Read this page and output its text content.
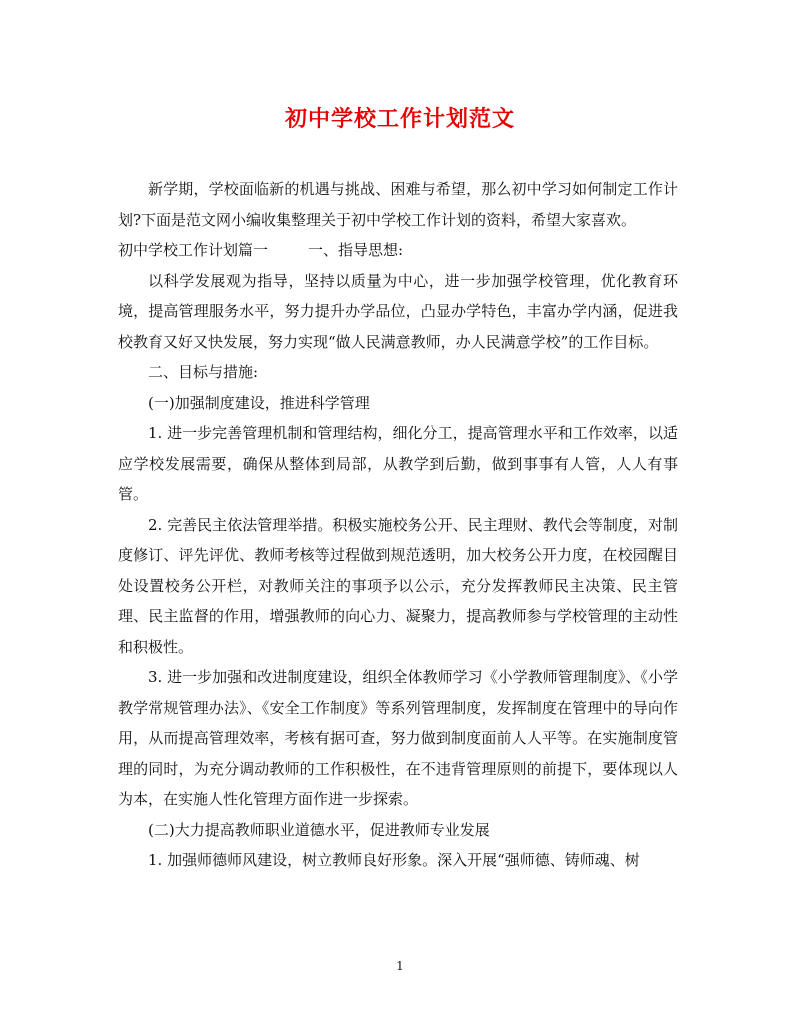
初中学校工作计划范文

新学期，学校面临新的机遇与挑战、困难与希望，那么初中学习如何制定工作计划?下面是范文网小编收集整理关于初中学校工作计划的资料，希望大家喜欢。

初中学校工作计划篇一	一、指导思想:

以科学发展观为指导，坚持以质量为中心，进一步加强学校管理，优化教育环境，提高管理服务水平，努力提升办学品位，凸显办学特色，丰富办学内涵，促进我校教育又好又快发展，努力实现“做人民满意教师，办人民满意学校”的工作目标。

二、目标与措施:

(一)加强制度建设，推进科学管理

1. 进一步完善管理机制和管理结构，细化分工，提高管理水平和工作效率，以适应学校发展需要，确保从整体到局部，从教学到后勤，做到事事有人管，人人有事管。

2. 完善民主依法管理举措。积极实施校务公开、民主理财、教代会等制度，对制度修订、评先评优、教师考核等过程做到规范透明，加大校务公开力度，在校园醒目处设置校务公开栏，对教师关注的事项予以公示，充分发挥教师民主决策、民主管理、民主监督的作用，增强教师的向心力、凝聚力，提高教师参与学校管理的主动性和积极性。

3. 进一步加强和改进制度建设，组织全体教师学习《小学教师管理制度》、《小学教学常规管理办法》、《安全工作制度》等系列管理制度，发挥制度在管理中的导向作用，从而提高管理效率，考核有据可查，努力做到制度面前人人平等。在实施制度管理的同时，为充分调动教师的工作积极性，在不违背管理原则的前提下，要体现以人为本，在实施人性化管理方面作进一步探索。

(二)大力提高教师职业道德水平，促进教师专业发展

1. 加强师德师风建设，树立教师良好形象。深入开展“强师德、铸师魂、树

1
